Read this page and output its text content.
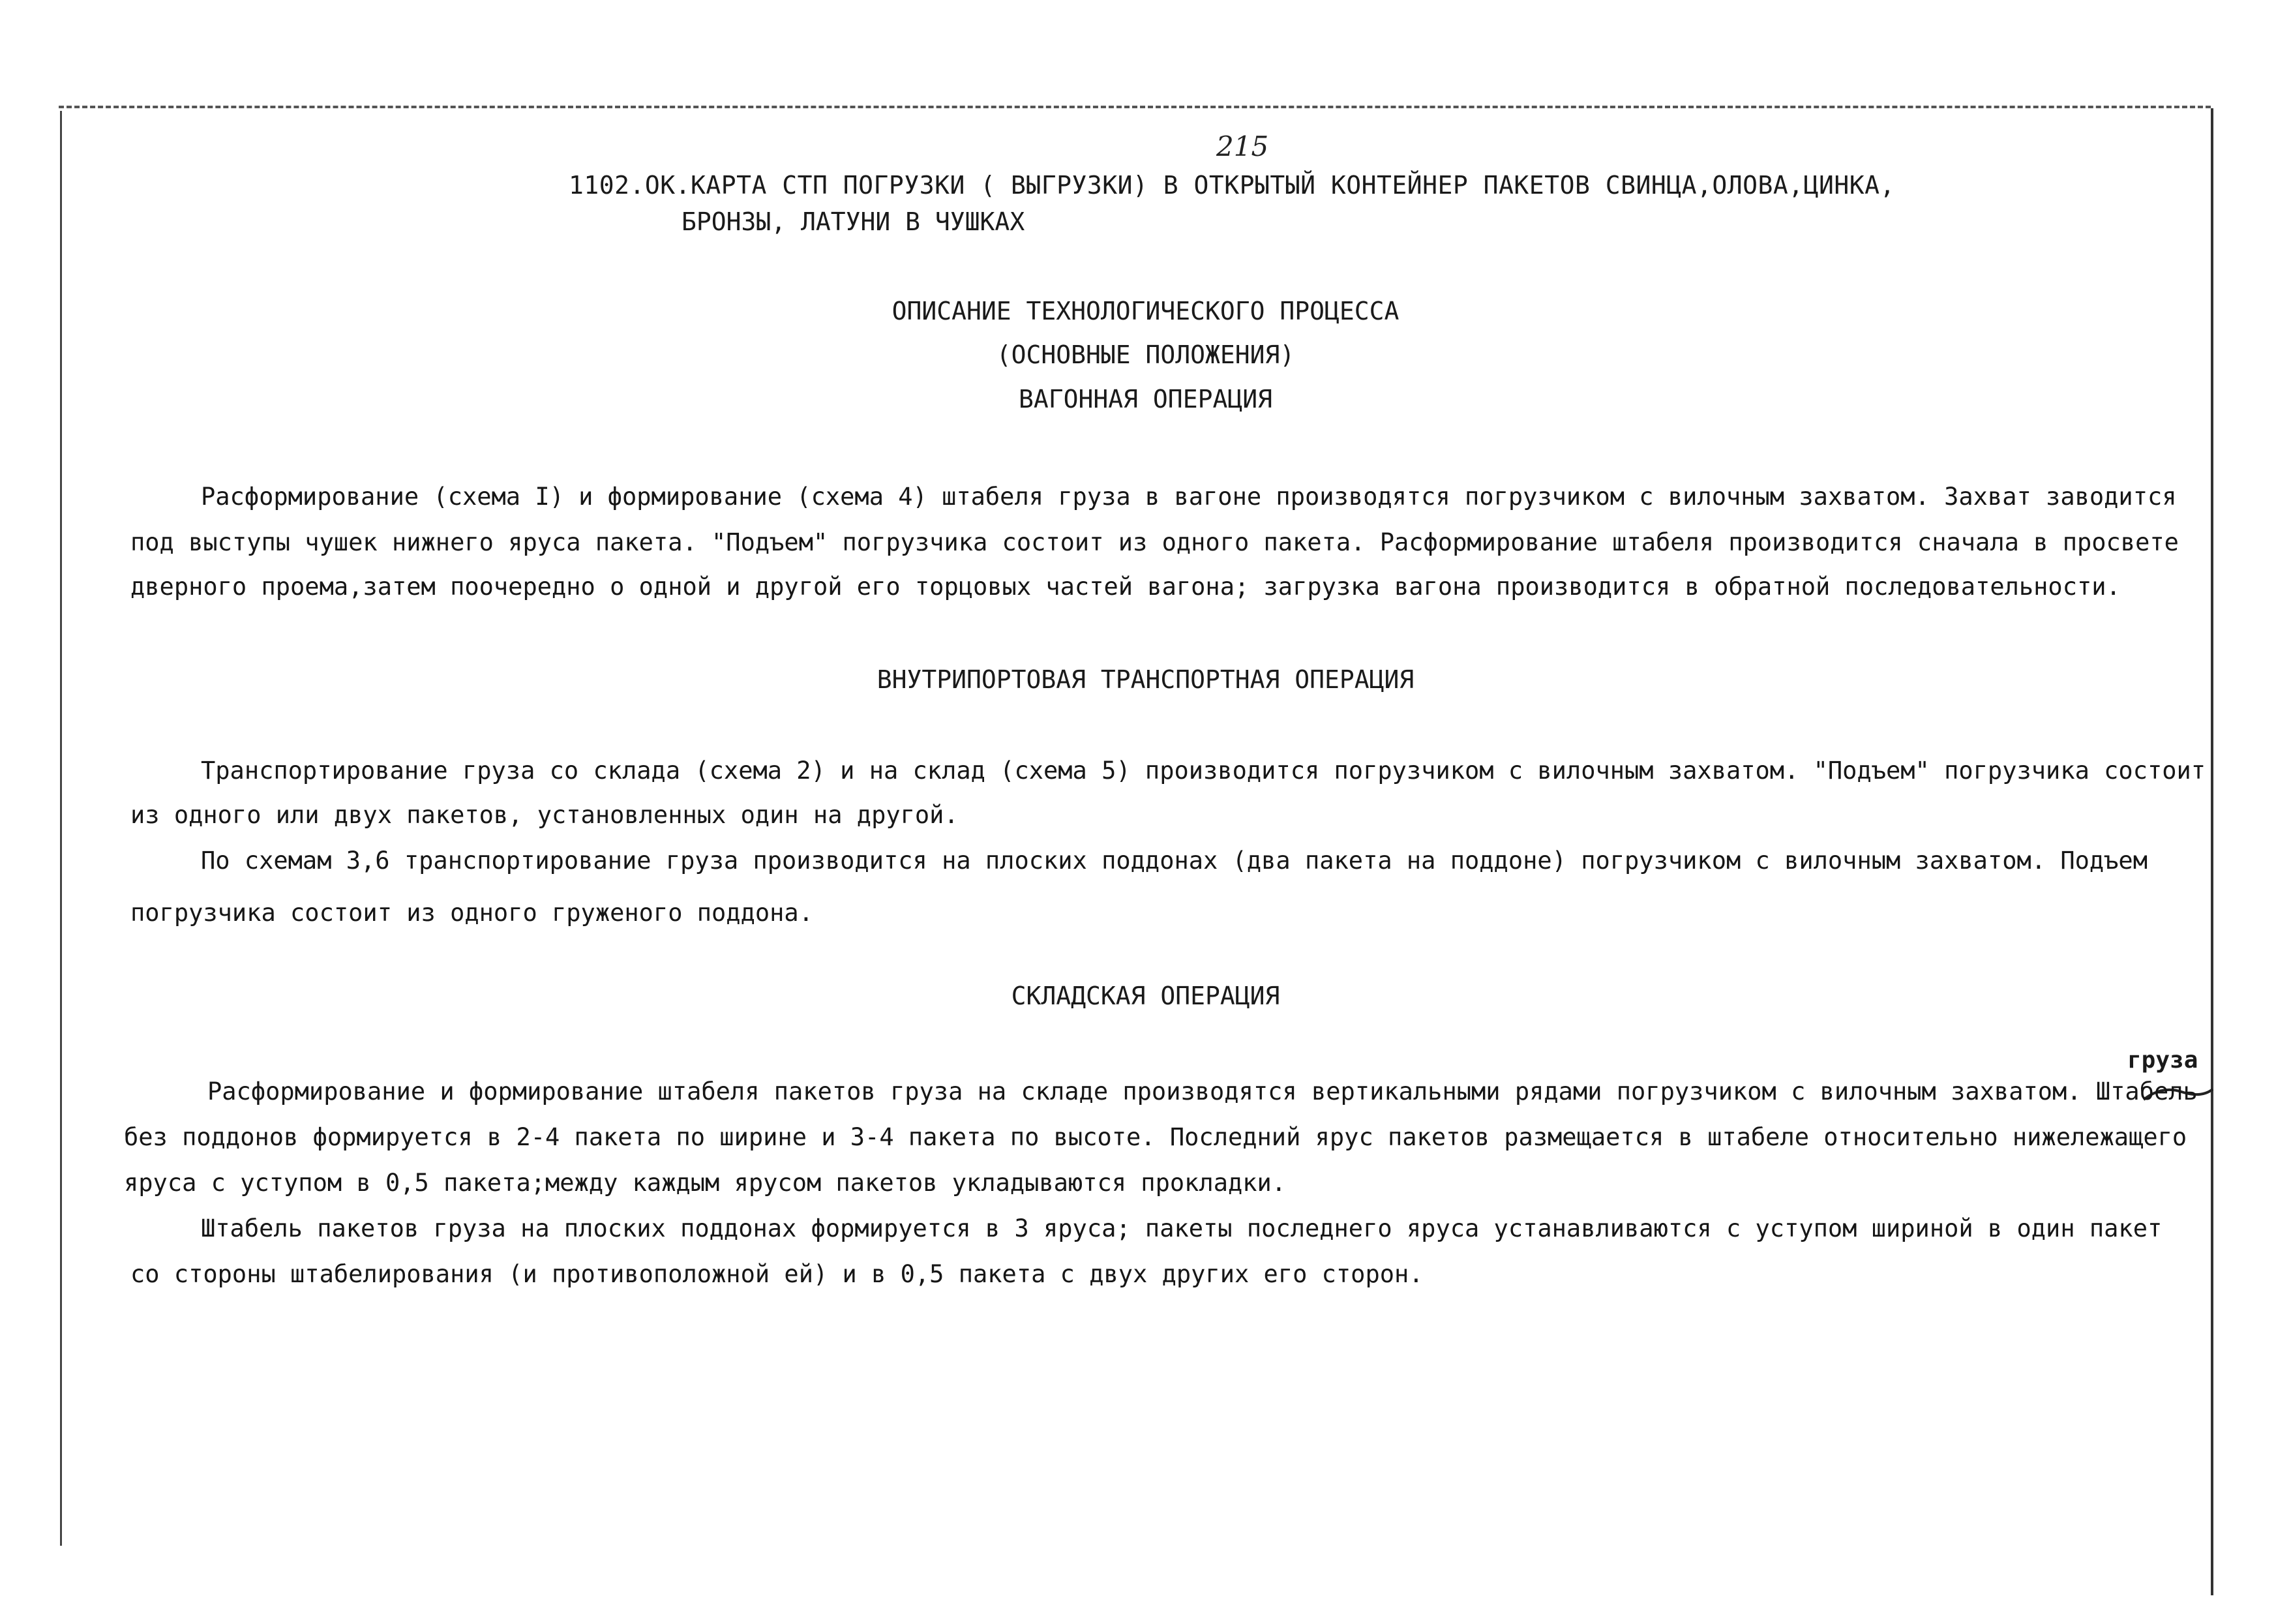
215
1102.ОК.КАРТА СТП ПОГРУЗКИ ( ВЫГРУЗКИ) В ОТКРЫТЫЙ КОНТЕЙНЕР ПАКЕТОВ СВИНЦА,ОЛОВА,ЦИНКА,
БРОНЗЫ, ЛАТУНИ В ЧУШКАХ
ОПИСАНИЕ ТЕХНОЛОГИЧЕСКОГО ПРОЦЕССА
(ОСНОВНЫЕ ПОЛОЖЕНИЯ)
ВАГОННАЯ ОПЕРАЦИЯ
Расформирование (схема I) и формирование (схема 4) штабеля груза в вагоне производятся погрузчиком с вилочным захватом. Захват заводится
под выступы чушек нижнего яруса пакета. "Подъем" погрузчика состоит из одного пакета. Расформирование штабеля производится сначала в просвете
дверного проема,затем поочередно о одной и другой его торцовых частей вагона; загрузка вагона производится в обратной последовательности.
ВНУТРИПОРТОВАЯ ТРАНСПОРТНАЯ ОПЕРАЦИЯ
Транспортирование груза со склада (схема 2) и на склад (схема 5) производится погрузчиком с вилочным захватом. "Подъем" погрузчика состоит
из одного или двух пакетов, установленных один на другой.
По схемам 3,6 транспортирование груза производится на плоских поддонах (два пакета на поддоне) погрузчиком с вилочным захватом. Подъем
погрузчика состоит из одного груженого поддона.
СКЛАДСКАЯ ОПЕРАЦИЯ
груза
Расформирование и формирование штабеля пакетов груза на складе производятся вертикальными рядами погрузчиком с вилочным захватом. Штабель
без поддонов формируется в 2-4 пакета по ширине и 3-4 пакета по высоте. Последний ярус пакетов размещается в штабеле относительно нижележащего
яруса с уступом в 0,5 пакета;между каждым ярусом пакетов укладываются прокладки.
Штабель пакетов груза на плоских поддонах формируется в 3 яруса; пакеты последнего яруса устанавливаются с уступом шириной в один пакет
со стороны штабелирования (и противоположной ей) и в 0,5 пакета с двух других его сторон.
